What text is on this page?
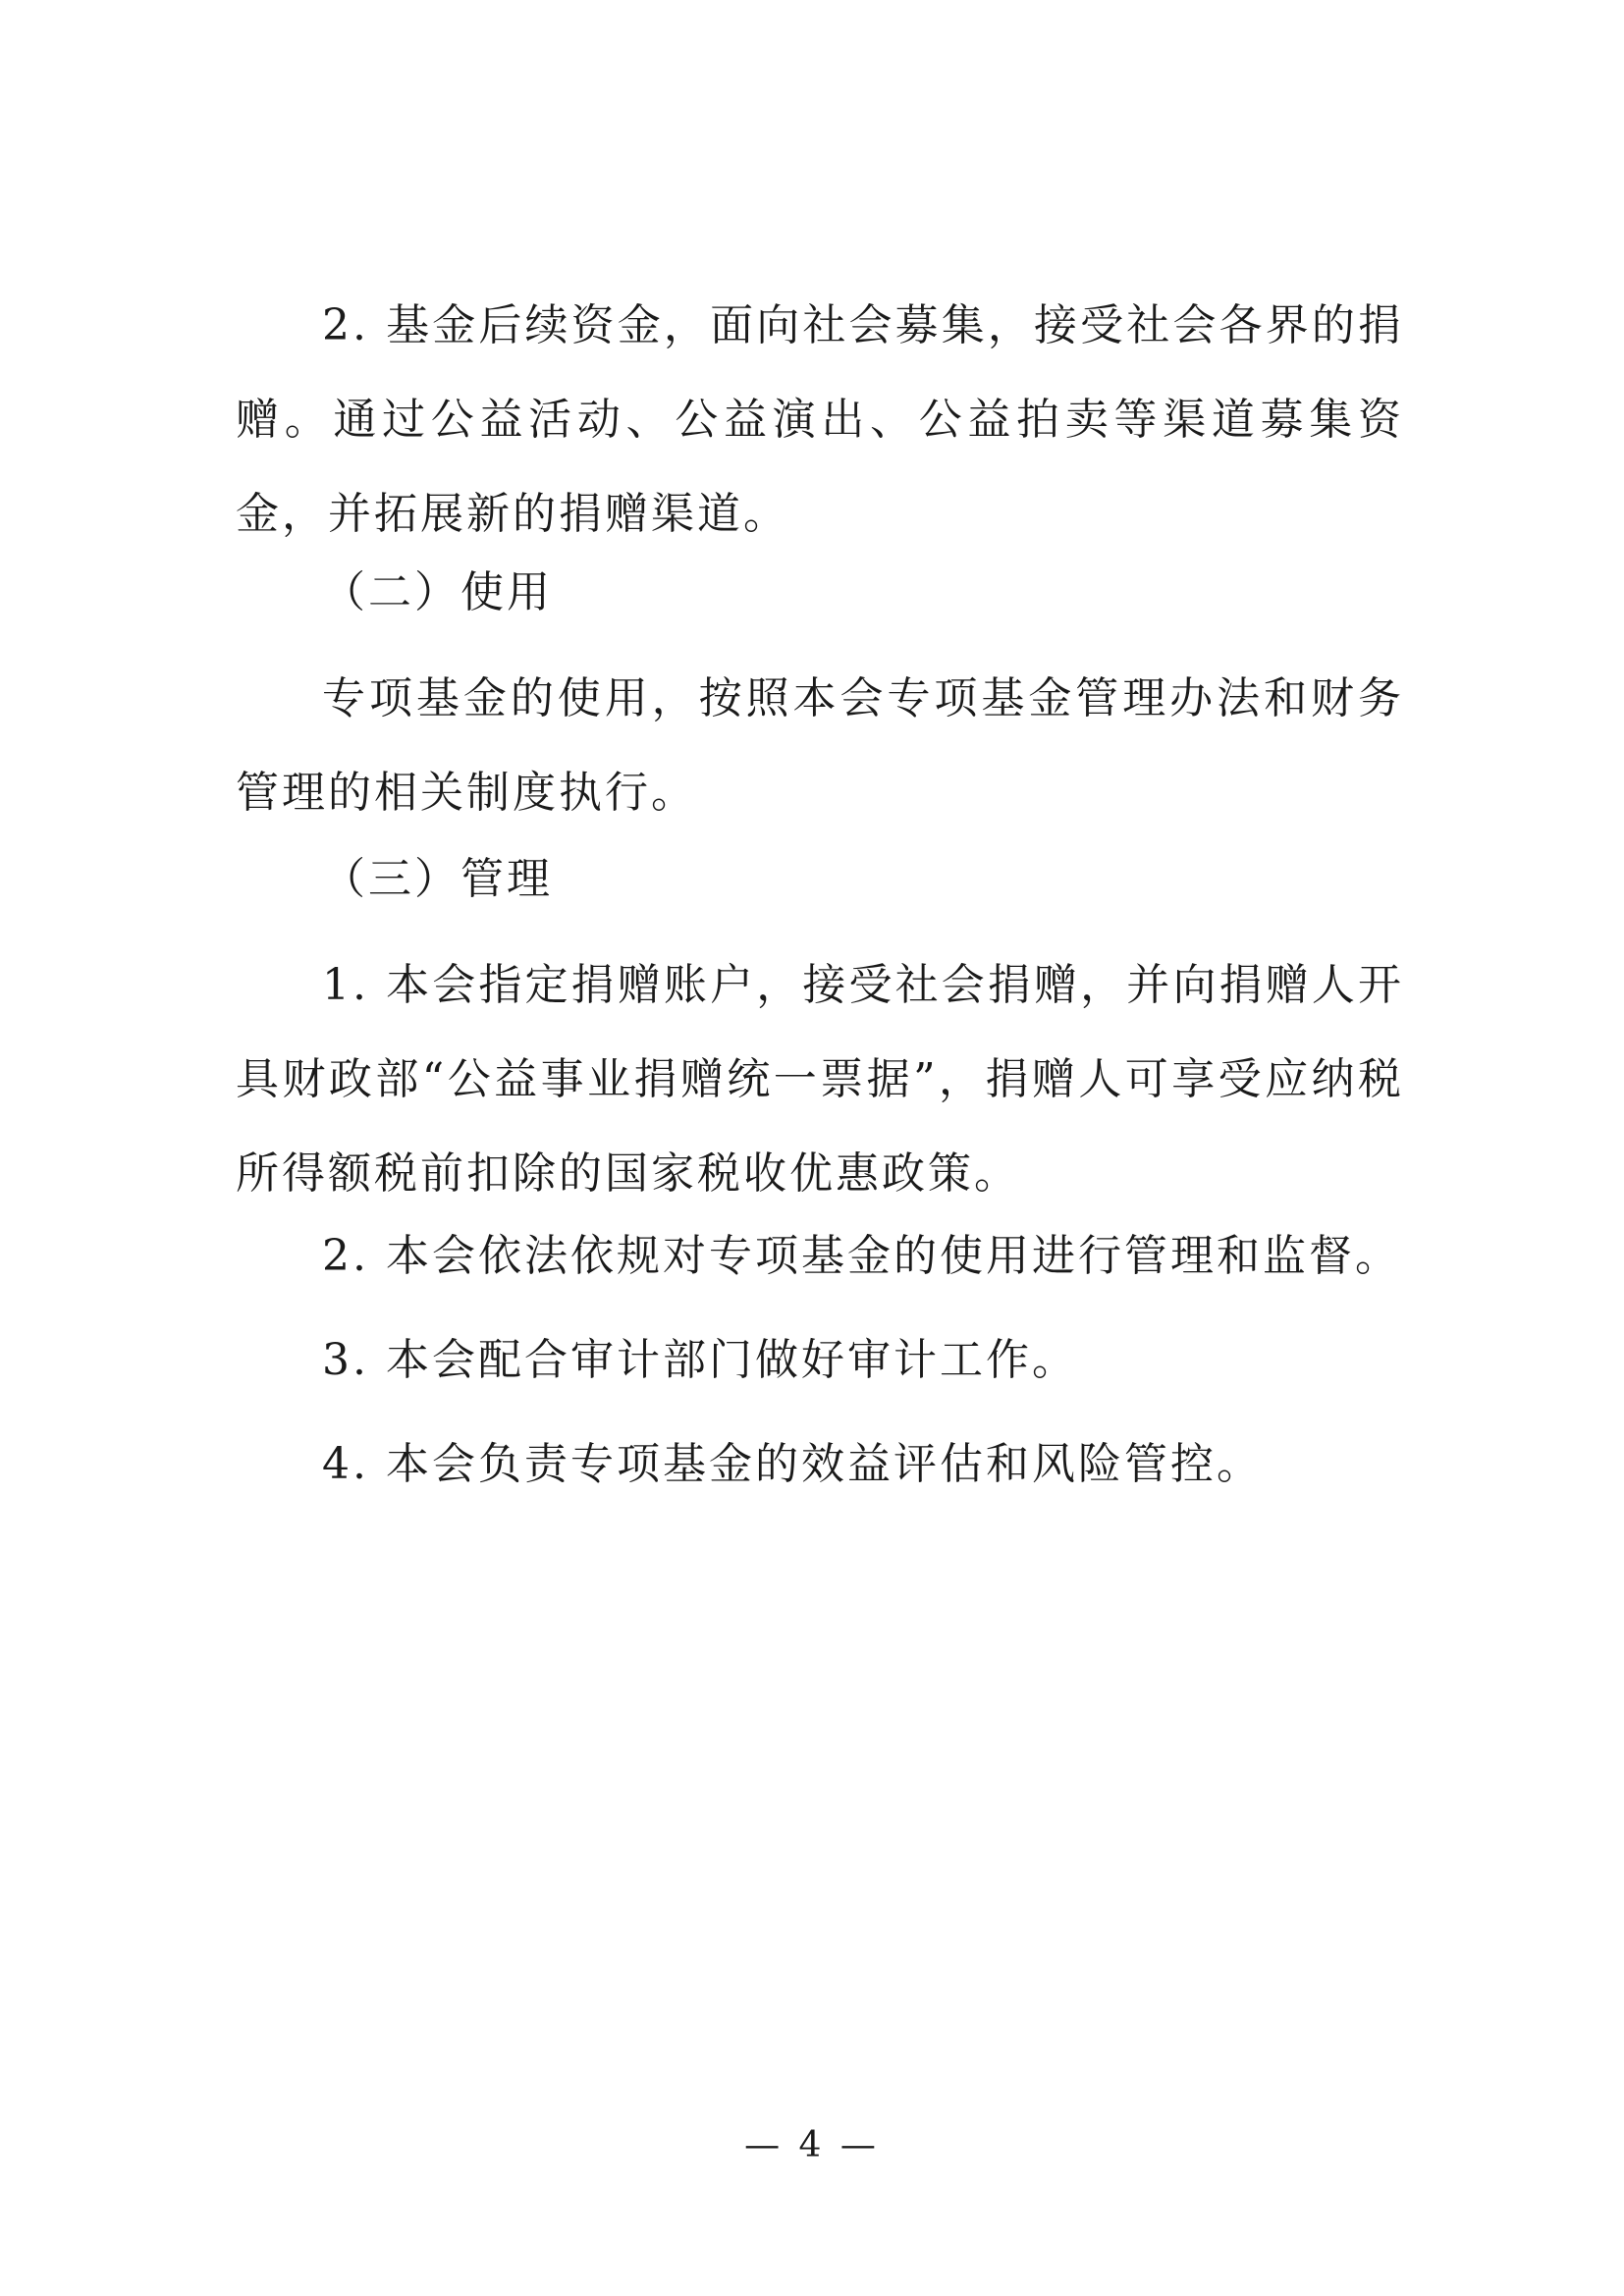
2. 基金后续资金，面向社会募集，接受社会各界的捐赠。通过公益活动、公益演出、公益拍卖等渠道募集资金，并拓展新的捐赠渠道。

（二）使用

专项基金的使用，按照本会专项基金管理办法和财务管理的相关制度执行。

（三）管理

1. 本会指定捐赠账户，接受社会捐赠，并向捐赠人开具财政部“公益事业捐赠统一票据”，捐赠人可享受应纳税所得额税前扣除的国家税收优惠政策。

2. 本会依法依规对专项基金的使用进行管理和监督。

3. 本会配合审计部门做好审计工作。

4. 本会负责专项基金的效益评估和风险管控。

— 4 —
